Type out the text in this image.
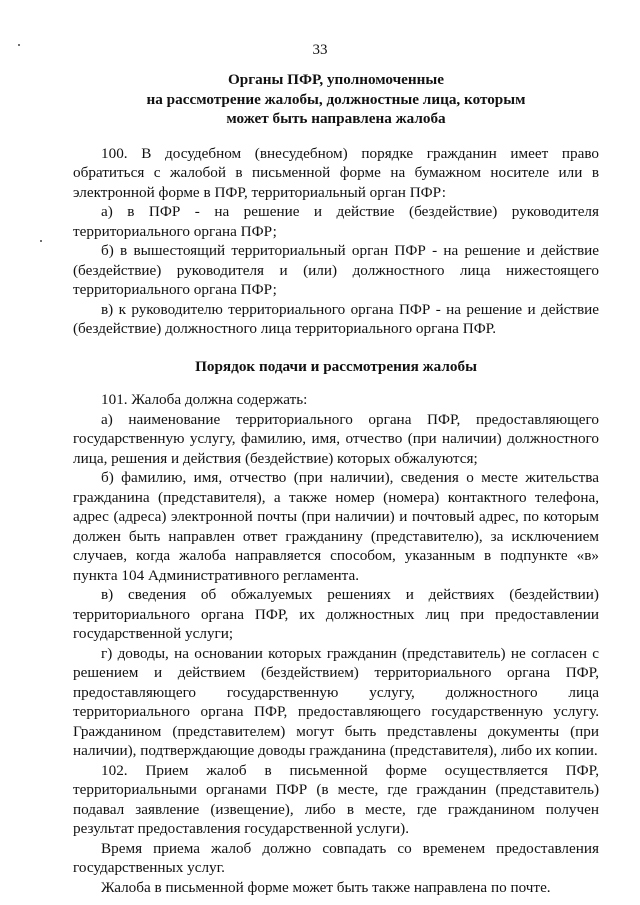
33
Органы ПФР, уполномоченные
на рассмотрение жалобы, должностные лица, которым
может быть направлена жалоба

100. В досудебном (внесудебном) порядке гражданин имеет право обратиться с жалобой в письменной форме на бумажном носителе или в электронной форме в ПФР, территориальный орган ПФР:

а) в ПФР - на решение и действие (бездействие) руководителя территориального органа ПФР;

б) в вышестоящий территориальный орган ПФР - на решение и действие (бездействие) руководителя и (или) должностного лица нижестоящего территориального органа ПФР;

в) к руководителю территориального органа ПФР - на решение и действие (бездействие) должностного лица территориального органа ПФР.

Порядок подачи и рассмотрения жалобы

101. Жалоба должна содержать:

а) наименование территориального органа ПФР, предоставляющего государственную услугу, фамилию, имя, отчество (при наличии) должностного лица, решения и действия (бездействие) которых обжалуются;

б) фамилию, имя, отчество (при наличии), сведения о месте жительства гражданина (представителя), а также номер (номера) контактного телефона, адрес (адреса) электронной почты (при наличии) и почтовый адрес, по которым должен быть направлен ответ гражданину (представителю), за исключением случаев, когда жалоба направляется способом, указанным в подпункте «в» пункта 104 Административного регламента.

в) сведения об обжалуемых решениях и действиях (бездействии) территориального органа ПФР, их должностных лиц при предоставлении государственной услуги;

г) доводы, на основании которых гражданин (представитель) не согласен с решением и действием (бездействием) территориального органа ПФР, предоставляющего государственную услугу, должностного лица территориального органа ПФР, предоставляющего государственную услугу. Гражданином (представителем) могут быть представлены документы (при наличии), подтверждающие доводы гражданина (представителя), либо их копии.

102. Прием жалоб в письменной форме осуществляется ПФР, территориальными органами ПФР (в месте, где гражданин (представитель) подавал заявление (извещение), либо в месте, где гражданином получен результат предоставления государственной услуги).

Время приема жалоб должно совпадать со временем предоставления государственных услуг.

Жалоба в письменной форме может быть также направлена по почте.
